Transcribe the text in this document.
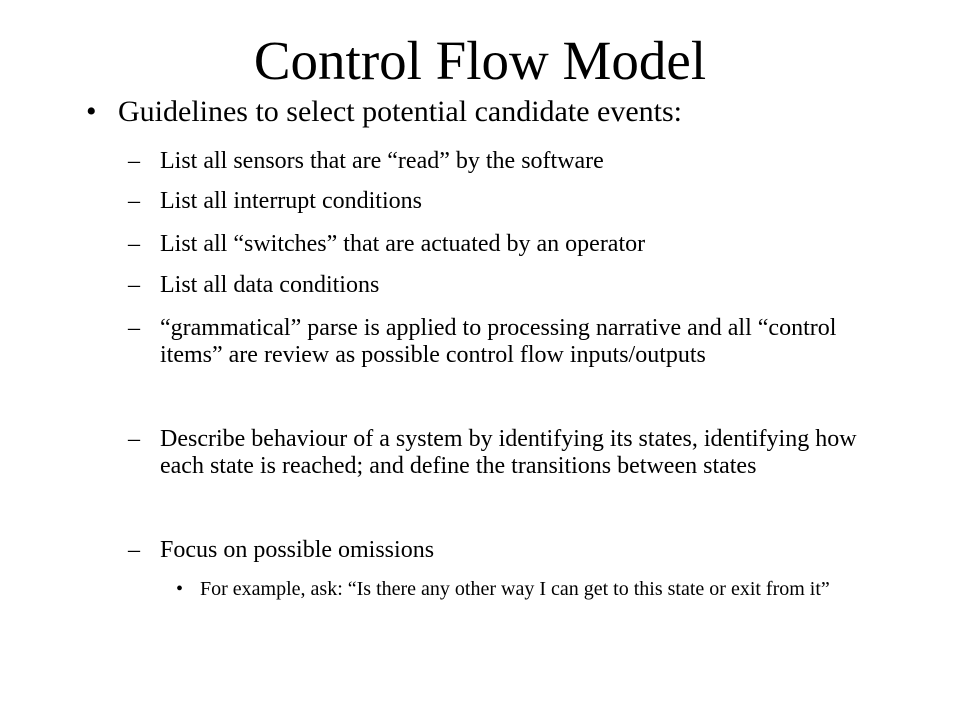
Control Flow Model
• Guidelines to select potential candidate events:
– List all sensors that are “read” by the software
– List all interrupt conditions
– List all “switches” that are actuated by an operator
– List all data conditions
– “grammatical” parse is applied to processing narrative and all “control items” are review as possible control flow inputs/outputs
– Describe behaviour of a system by identifying its states, identifying how each state is reached; and define the transitions between states
– Focus on possible omissions
• For example, ask: “Is there any other way I can get to this state or exit from it”
